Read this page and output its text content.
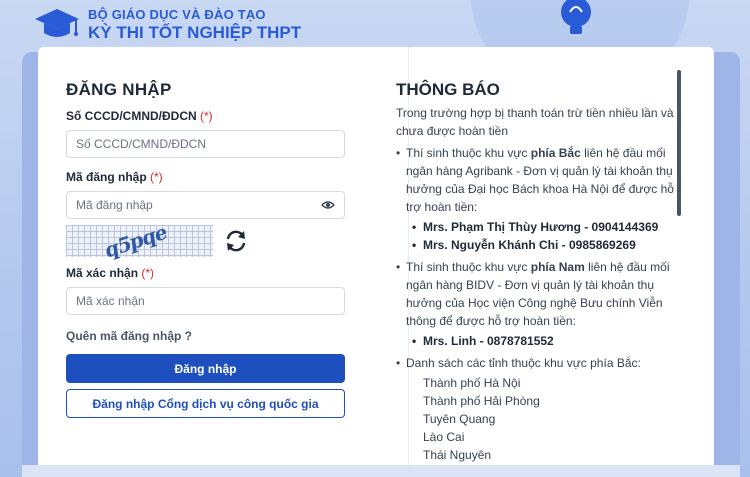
BỘ GIÁO DỤC VÀ ĐÀO TẠO
KỲ THI TỐT NGHIỆP THPT
ĐĂNG NHẬP
Số CCCD/CMND/ĐDCN (*)
Số CCCD/CMND/ĐDCN
Mã đăng nhập (*)
Mã đăng nhập
q5pqe
Mã xác nhận (*)
Mã xác nhận
Quên mã đăng nhập ?
Đăng nhập Đăng nhập Cổng dịch vụ công quốc gia
THÔNG BÁO

Trong trường hợp bị thanh toán trừ tiền nhiều lần và chưa được hoàn tiền

• Thí sinh thuộc khu vực phía Bắc liên hệ đầu mối ngân hàng Agribank - Đơn vị quản lý tài khoản thụ hưởng của Đại học Bách khoa Hà Nội để được hỗ trợ hoàn tiền:
• Mrs. Phạm Thị Thùy Hương - 0904144369
• Mrs. Nguyễn Khánh Chi - 0985869269
• Thí sinh thuộc khu vực phía Nam liên hệ đầu mối ngân hàng BIDV - Đơn vị quản lý tài khoản thụ hưởng của Học viện Công nghệ Bưu chính Viễn thông để được hỗ trợ hoàn tiền:
• Mrs. Linh - 0878781552
• Danh sách các tỉnh thuộc khu vực phía Bắc:
Thành phố Hà Nội
Thành phố Hải Phòng
Tuyên Quang
Lào Cai
Thái Nguyên
